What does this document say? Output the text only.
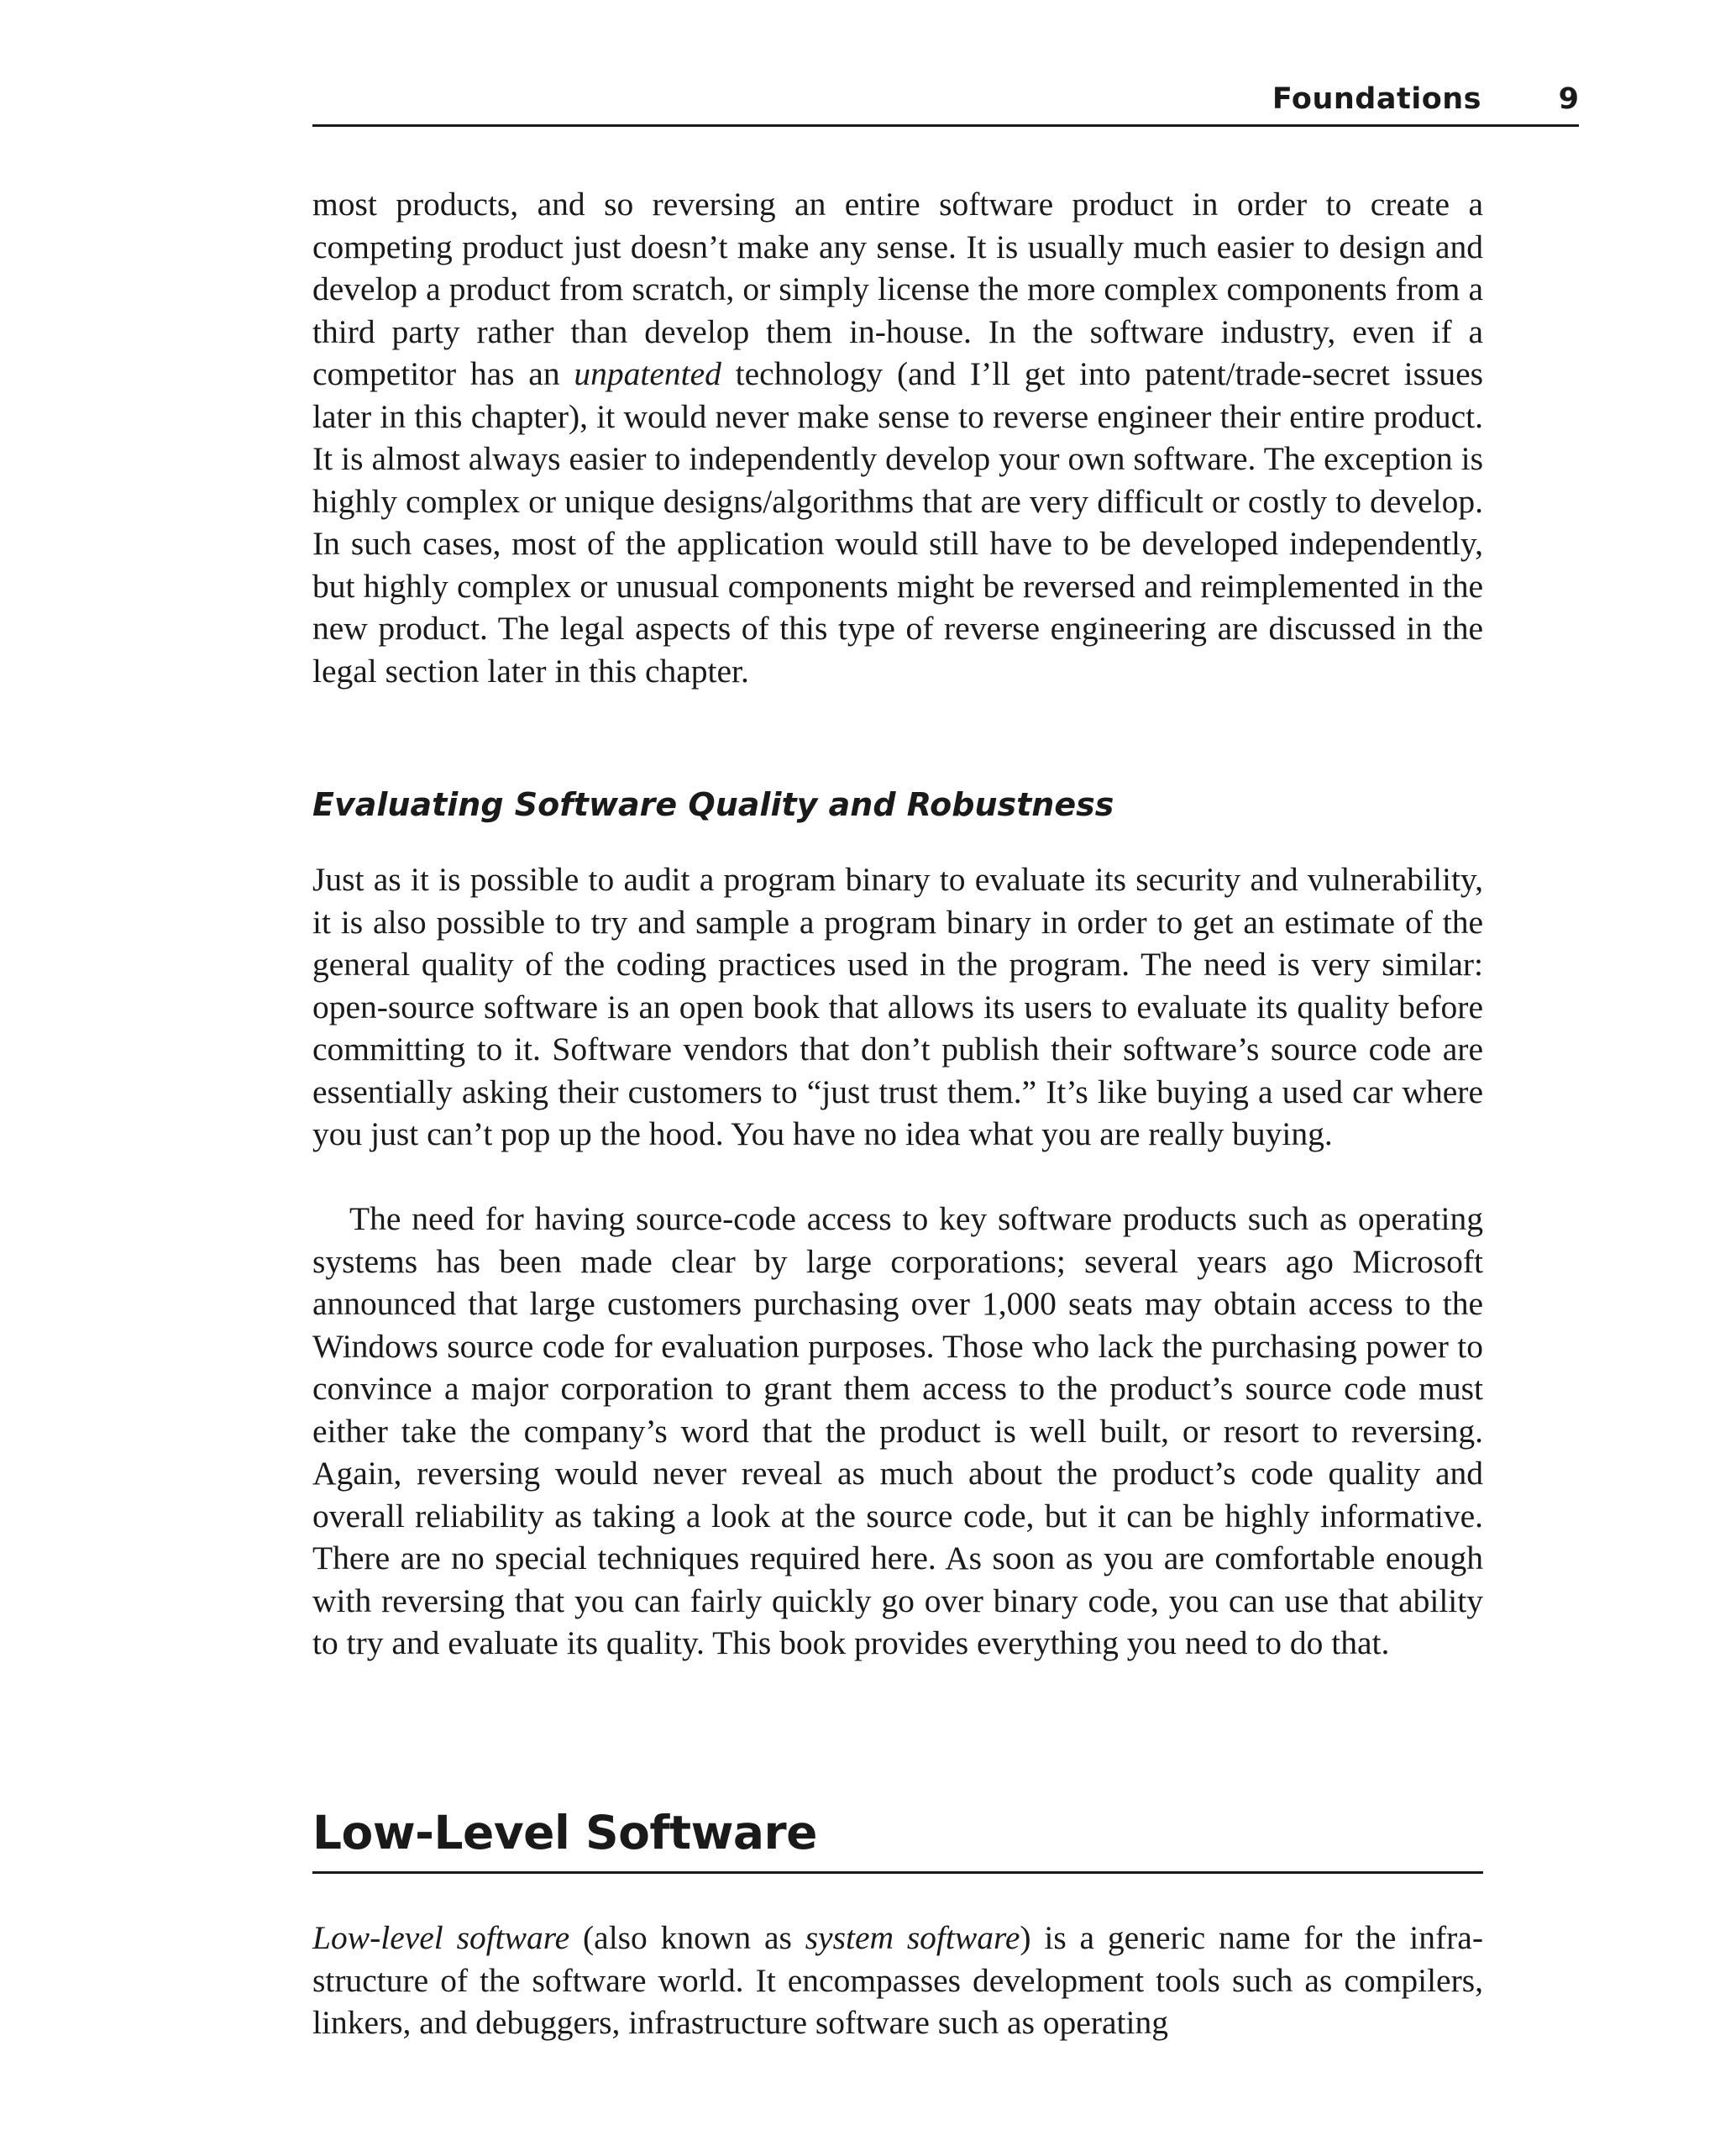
Foundations	9

most products, and so reversing an entire software product in order to create a competing product just doesn’t make any sense. It is usually much easier to design and develop a product from scratch, or simply license the more complex components from a third party rather than develop them in-house. In the software industry, even if a competitor has an unpatented technology (and I’ll get into patent/trade-secret issues later in this chapter), it would never make sense to reverse engineer their entire product. It is almost always easier to independently develop your own software. The exception is highly complex or unique designs/algorithms that are very difficult or costly to develop. In such cases, most of the application would still have to be developed independently, but highly complex or unusual components might be reversed and reimplemented in the new product. The legal aspects of this type of reverse engineering are discussed in the legal section later in this chapter.

Evaluating Software Quality and Robustness

Just as it is possible to audit a program binary to evaluate its security and vulnerability, it is also possible to try and sample a program binary in order to get an estimate of the general quality of the coding practices used in the program. The need is very similar: open-source software is an open book that allows its users to evaluate its quality before committing to it. Software vendors that don’t publish their software’s source code are essentially asking their customers to “just trust them.” It’s like buying a used car where you just can’t pop up the hood. You have no idea what you are really buying.

The need for having source-code access to key software products such as operating systems has been made clear by large corporations; several years ago Microsoft announced that large customers purchasing over 1,000 seats may obtain access to the Windows source code for evaluation purposes. Those who lack the purchasing power to convince a major corporation to grant them access to the product’s source code must either take the company’s word that the product is well built, or resort to reversing. Again, reversing would never reveal as much about the product’s code quality and overall reliability as taking a look at the source code, but it can be highly informative. There are no special techniques required here. As soon as you are comfortable enough with reversing that you can fairly quickly go over binary code, you can use that ability to try and evaluate its quality. This book provides everything you need to do that.

Low-Level Software

Low-level software (also known as system software) is a generic name for the infrastructure of the software world. It encompasses development tools such as compilers, linkers, and debuggers, infrastructure software such as operating
